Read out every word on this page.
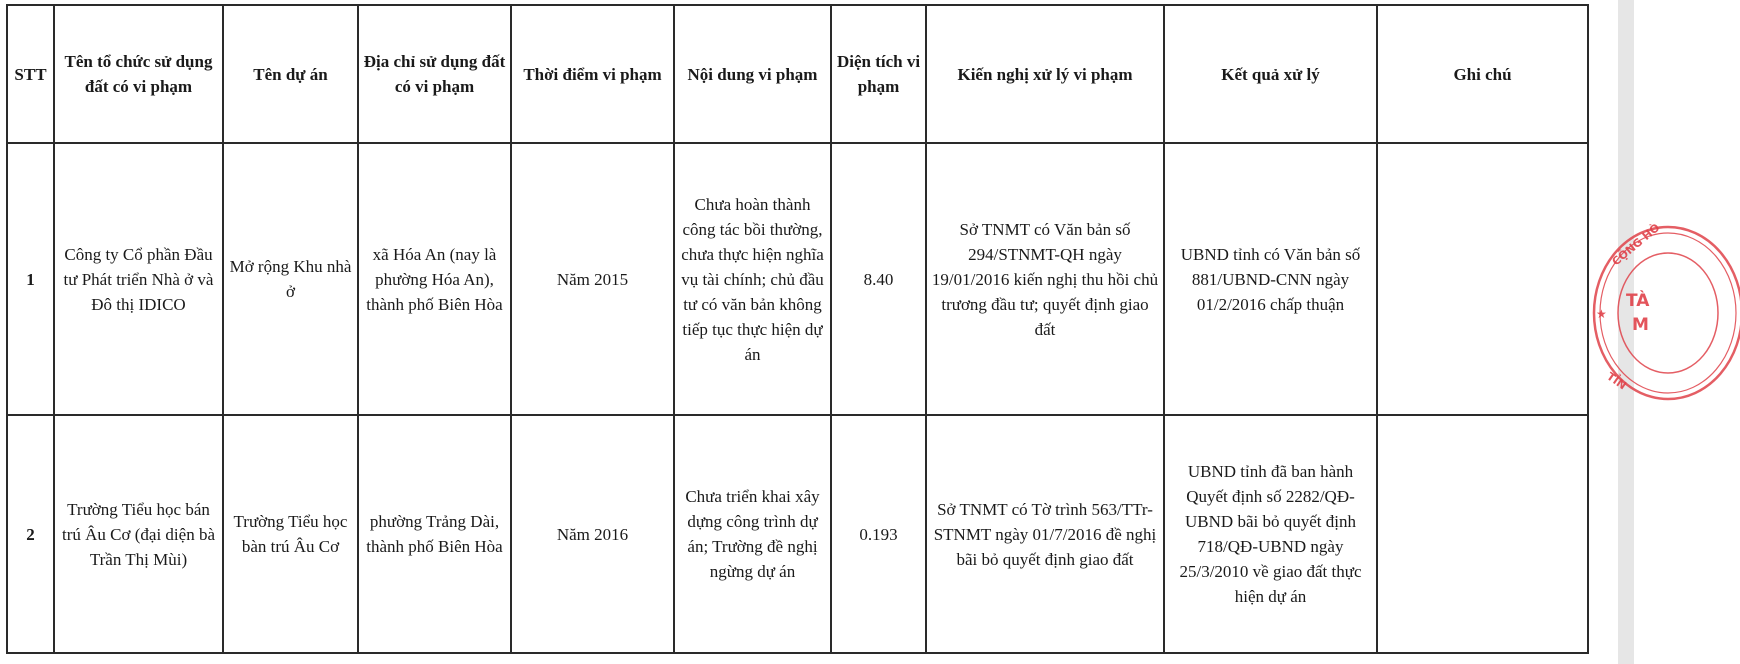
STT	Tên tổ chức sử dụng đất có vi phạm	Tên dự án	Địa chỉ sử dụng đất có vi phạm	Thời điểm vi phạm	Nội dung vi phạm	Diện tích vi phạm	Kiến nghị xử lý vi phạm	Kết quả xử lý	Ghi chú
1	Công ty Cổ phần Đầu tư Phát triển Nhà ở và Đô thị IDICO	Mở rộng Khu nhà ở	xã Hóa An (nay là phường Hóa An), thành phố Biên Hòa	Năm 2015	Chưa hoàn thành công tác bồi thường, chưa thực hiện nghĩa vụ tài chính; chủ đầu tư có văn bản không tiếp tục thực hiện dự án	8.40	Sở TNMT có Văn bản số 294/STNMT-QH ngày 19/01/2016 kiến nghị thu hồi chủ trương đầu tư; quyết định giao đất	UBND tỉnh có Văn bản số 881/UBND-CNN ngày 01/2/2016 chấp thuận	
2	Trường Tiểu học bán trú Âu Cơ (đại diện bà Trần Thị Mùi)	Trường Tiểu học bàn trú Âu Cơ	phường Trảng Dài, thành phố Biên Hòa	Năm 2016	Chưa triển khai xây dựng công trình dự án; Trường đề nghị ngừng dự án	0.193	Sở TNMT có Tờ trình 563/TTr-STNMT ngày 01/7/2016 đề nghị bãi bỏ quyết định giao đất	UBND tỉnh đã ban hành Quyết định số 2282/QĐ-UBND bãi bỏ quyết định 718/QĐ-UBND ngày 25/3/2010 về giao đất thực hiện dự án	
CỘNG HÒ
TÀ
M
TỈN
★
